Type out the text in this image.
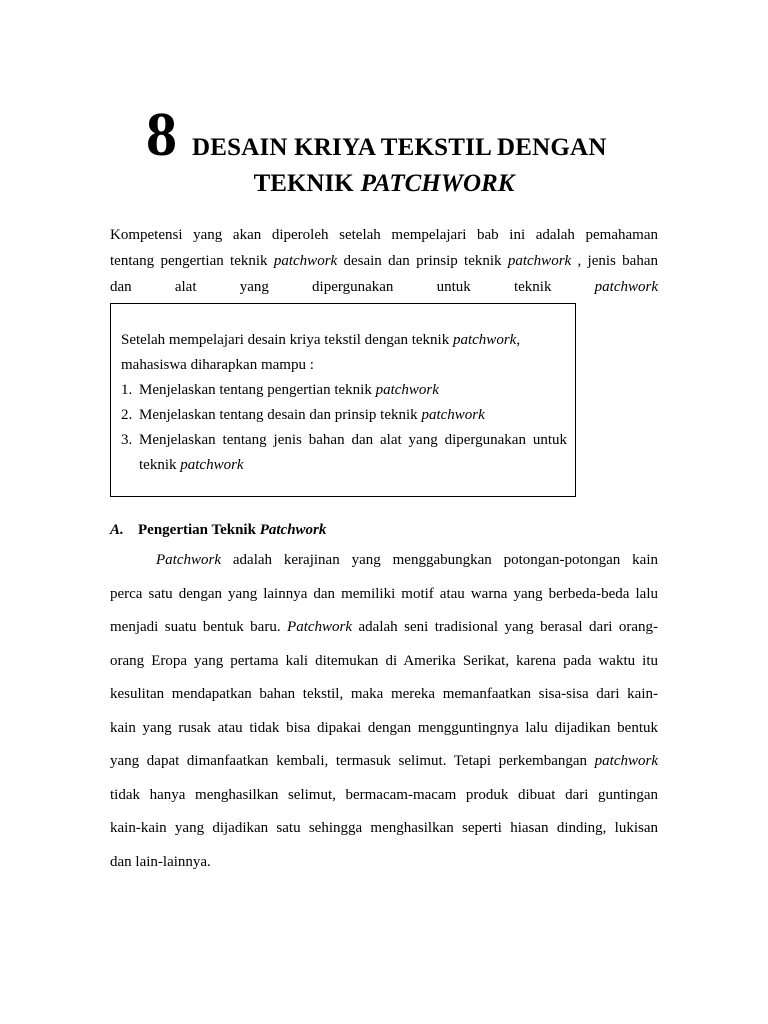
8 DESAIN KRIYA TEKSTIL DENGAN
TEKNIK PATCHWORK
Kompetensi yang akan diperoleh setelah mempelajari bab ini adalah pemahaman
tentang pengertian teknik patchwork desain dan prinsip teknik patchwork , jenis bahan
dan alat yang dipergunakan untuk teknik patchwork
Setelah mempelajari desain kriya tekstil dengan teknik patchwork,
mahasiswa diharapkan mampu :
1. Menjelaskan tentang pengertian teknik patchwork
2. Menjelaskan tentang desain dan prinsip teknik patchwork
3. Menjelaskan tentang jenis bahan dan alat yang dipergunakan untuk
teknik patchwork
A. Pengertian Teknik Patchwork
Patchwork adalah kerajinan yang menggabungkan potongan-potongan kain
perca satu dengan yang lainnya dan memiliki motif atau warna yang berbeda-beda lalu
menjadi suatu bentuk baru. Patchwork adalah seni tradisional yang berasal dari orang-
orang Eropa yang pertama kali ditemukan di Amerika Serikat, karena pada waktu itu
kesulitan mendapatkan bahan tekstil, maka mereka memanfaatkan sisa-sisa dari kain-
kain yang rusak atau tidak bisa dipakai dengan mengguntingnya lalu dijadikan bentuk
yang dapat dimanfaatkan kembali, termasuk selimut. Tetapi perkembangan patchwork
tidak hanya menghasilkan selimut, bermacam-macam produk dibuat dari guntingan
kain-kain yang dijadikan satu sehingga menghasilkan seperti hiasan dinding, lukisan
dan lain-lainnya.
